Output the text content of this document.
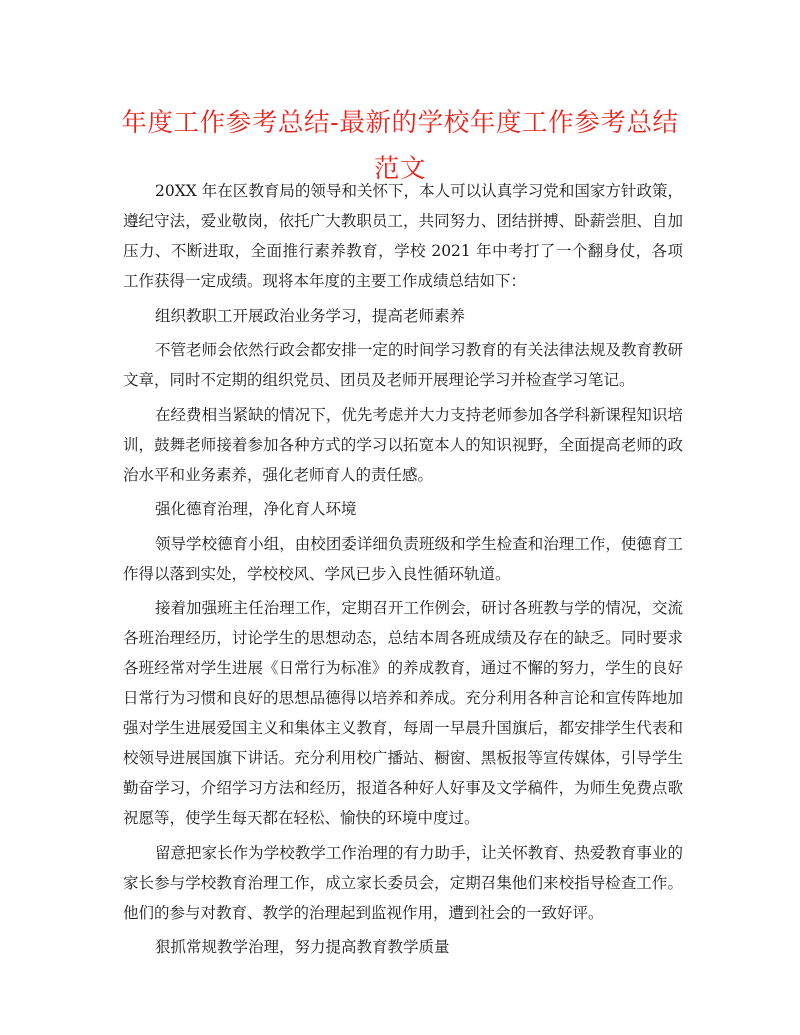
年度工作参考总结-最新的学校年度工作参考总结范文

20XX 年在区教育局的领导和关怀下，本人可以认真学习党和国家方针政策，遵纪守法，爱业敬岗，依托广大教职员工，共同努力、团结拼搏、卧薪尝胆、自加压力、不断进取，全面推行素养教育，学校 2021 年中考打了一个翻身仗，各项工作获得一定成绩。现将本年度的主要工作成绩总结如下：

组织教职工开展政治业务学习，提高老师素养

不管老师会依然行政会都安排一定的时间学习教育的有关法律法规及教育教研文章，同时不定期的组织党员、团员及老师开展理论学习并检查学习笔记。

在经费相当紧缺的情况下，优先考虑并大力支持老师参加各学科新课程知识培训，鼓舞老师接着参加各种方式的学习以拓宽本人的知识视野，全面提高老师的政治水平和业务素养，强化老师育人的责任感。

强化德育治理，净化育人环境

领导学校德育小组，由校团委详细负责班级和学生检查和治理工作，使德育工作得以落到实处，学校校风、学风已步入良性循环轨道。

接着加强班主任治理工作，定期召开工作例会，研讨各班教与学的情况，交流各班治理经历，讨论学生的思想动态，总结本周各班成绩及存在的缺乏。同时要求各班经常对学生进展《日常行为标准》的养成教育，通过不懈的努力，学生的良好日常行为习惯和良好的思想品德得以培养和养成。充分利用各种言论和宣传阵地加强对学生进展爱国主义和集体主义教育，每周一早晨升国旗后，都安排学生代表和校领导进展国旗下讲话。充分利用校广播站、橱窗、黑板报等宣传媒体，引导学生勤奋学习，介绍学习方法和经历，报道各种好人好事及文学稿件，为师生免费点歌祝愿等，使学生每天都在轻松、愉快的环境中度过。

留意把家长作为学校教学工作治理的有力助手，让关怀教育、热爱教育事业的家长参与学校教育治理工作，成立家长委员会，定期召集他们来校指导检查工作。他们的参与对教育、教学的治理起到监视作用，遭到社会的一致好评。

狠抓常规教学治理，努力提高教育教学质量
